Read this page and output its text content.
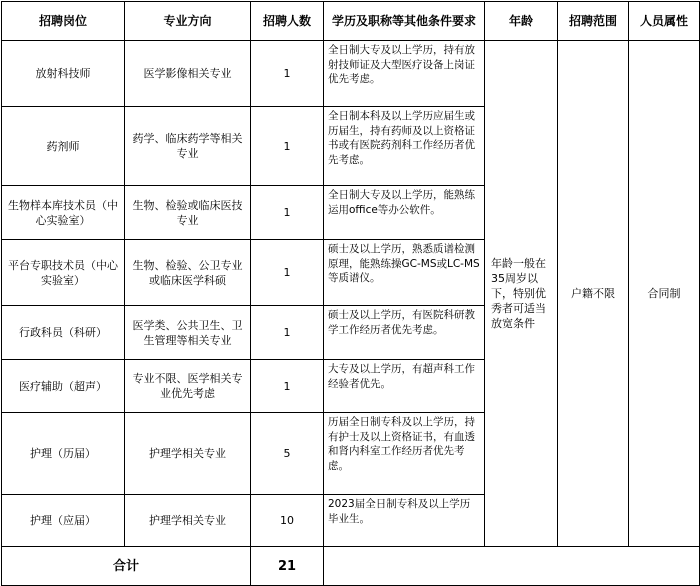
招聘岗位	专业方向	招聘人数	学历及职称等其他条件要求	年龄	招聘范围	人员属性
放射科技师	医学影像相关专业	1	全日制大专及以上学历，持有放射技师证及大型医疗设备上岗证优先考虑。	年龄一般在35周岁以下，特别优秀者可适当放宽条件	户籍不限	合同制
药剂师	药学、临床药学等相关专业	1	全日制本科及以上学历应届生或历届生，持有药师及以上资格证书或有医院药剂科工作经历者优先考虑。			
生物样本库技术员（中心实验室）	生物、检验或临床医技专业	1	全日制大专及以上学历，能熟练运用office等办公软件。			
平台专职技术员（中心实验室）	生物、检验、公卫专业或临床医学科硕	1	硕士及以上学历，熟悉质谱检测原理，能熟练操GC-MS或LC-MS等质谱仪。			
行政科员（科研）	医学类、公共卫生、卫生管理等相关专业	1	硕士及以上学历，有医院科研教学工作经历者优先考虑。			
医疗辅助（超声）	专业不限、医学相关专业优先考虑	1	大专及以上学历，有超声科工作经验者优先。			
护理（历届）	护理学相关专业	5	历届全日制专科及以上学历，持有护士及以上资格证书，有血透和肾内科室工作经历者优先考虑。			
护理（应届）	护理学相关专业	10	2023届全日制专科及以上学历毕业生。			
合计		21				
